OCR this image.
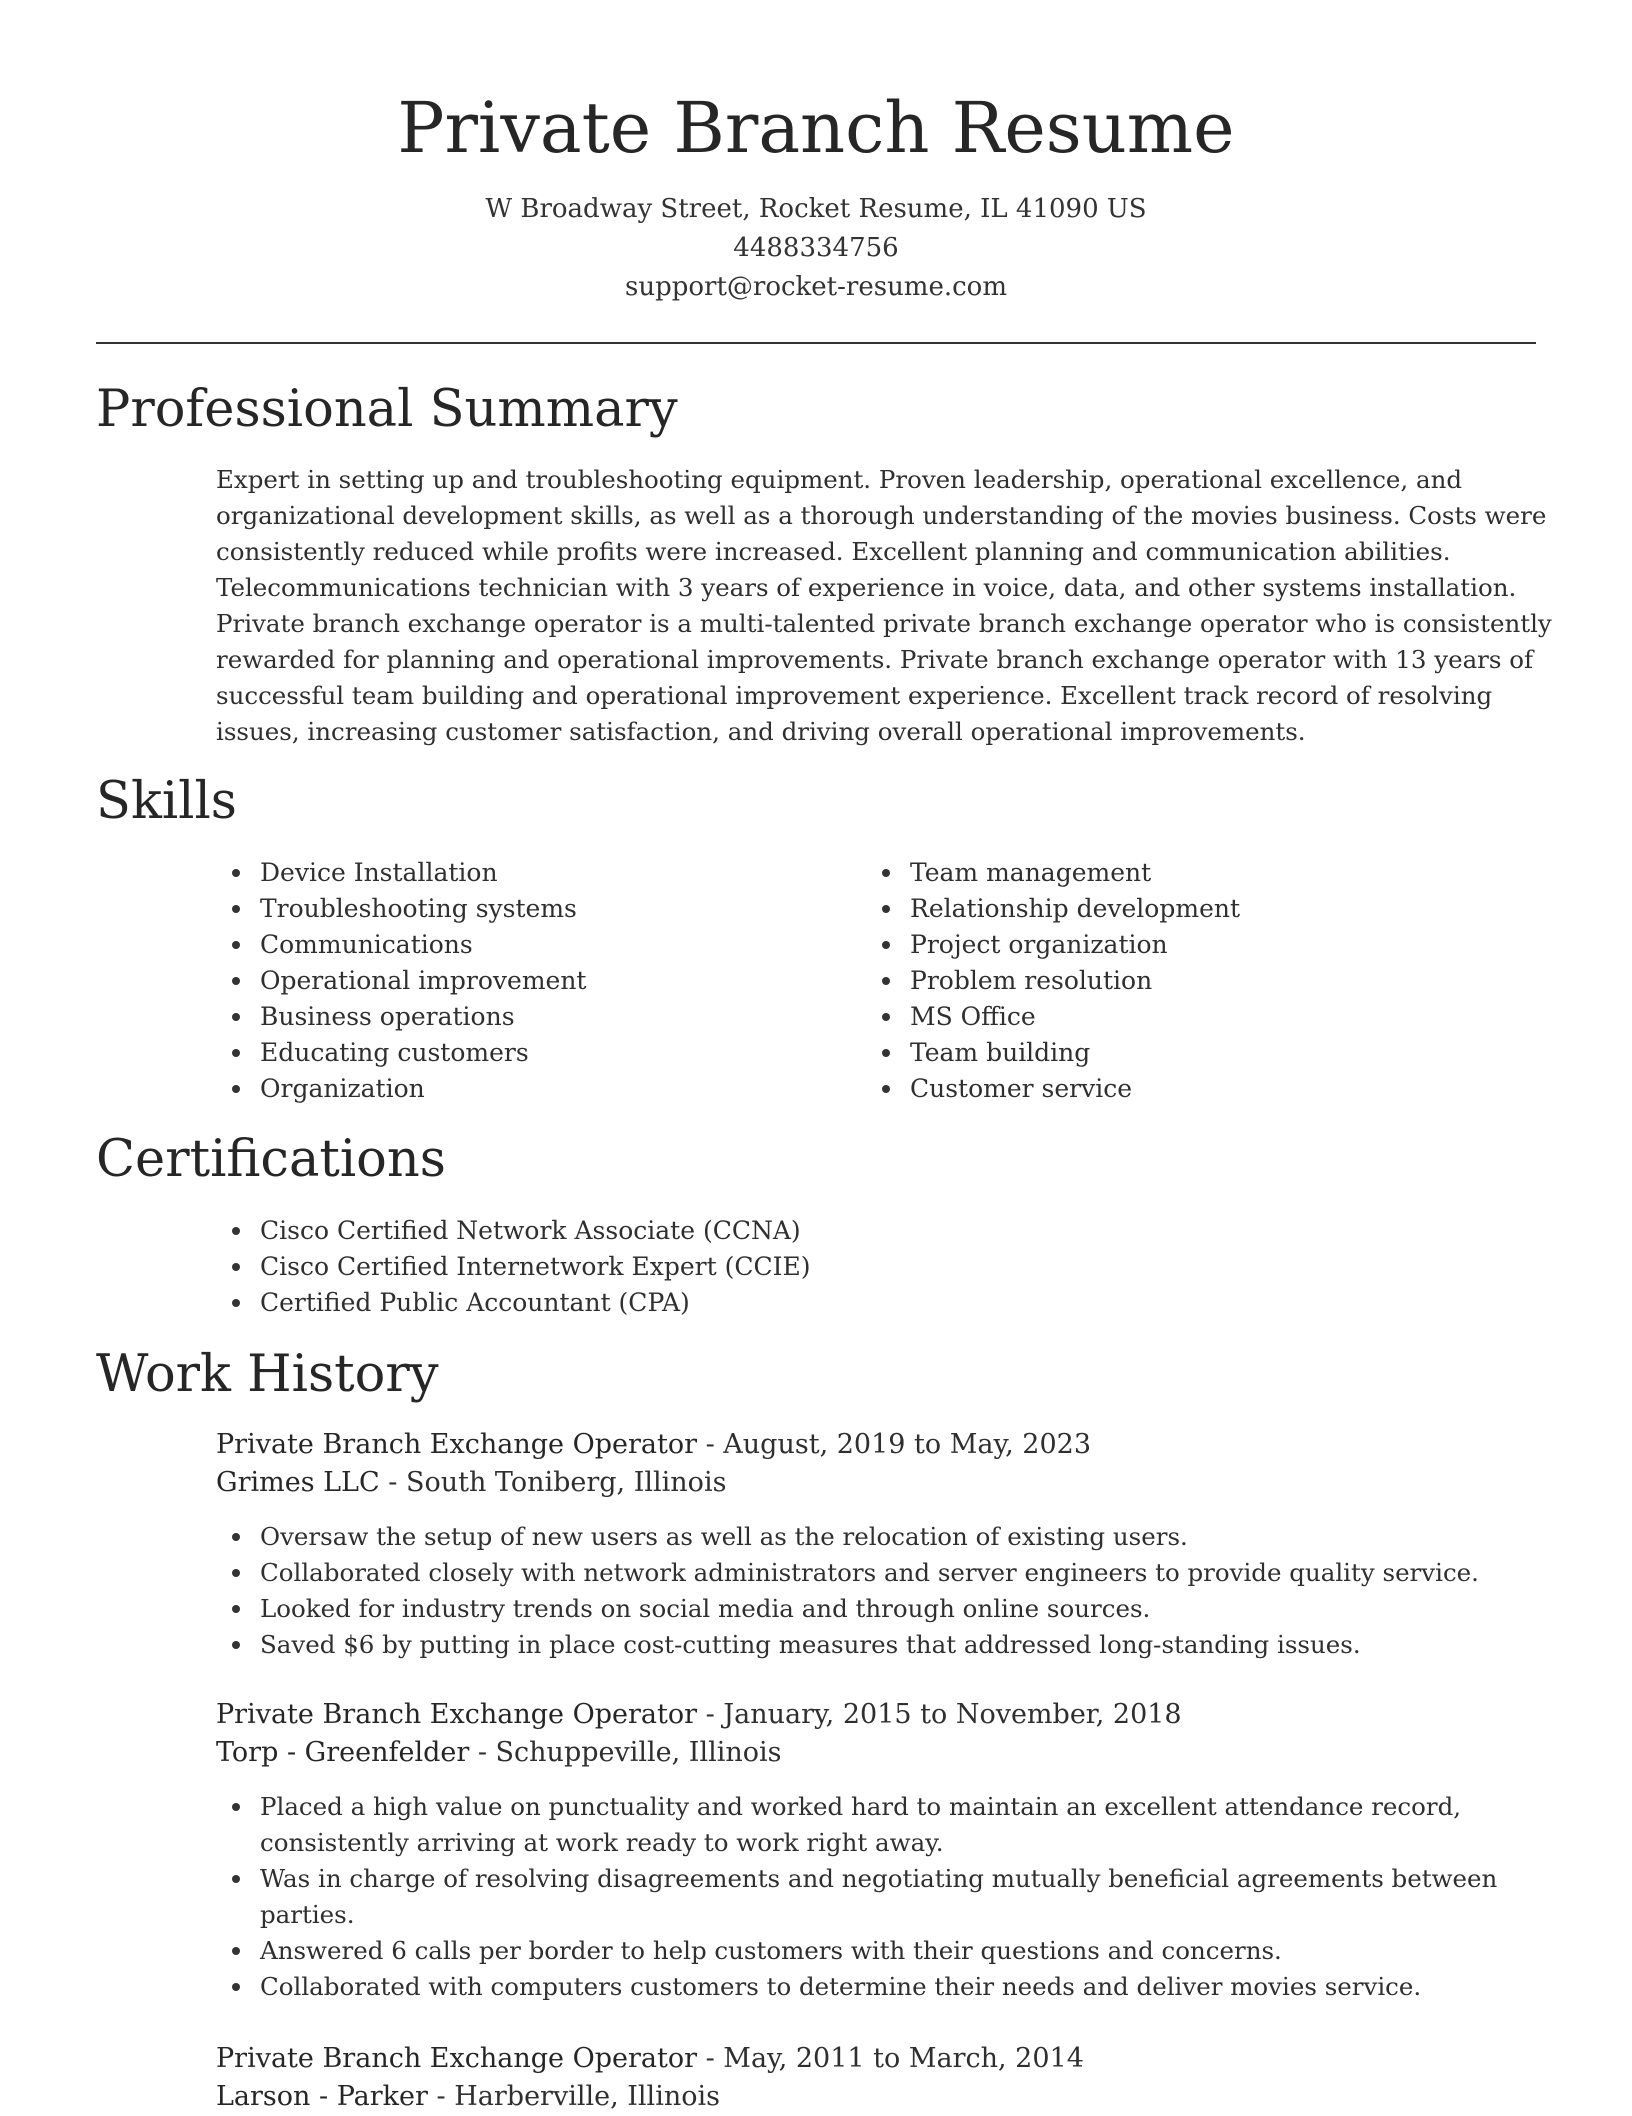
Private Branch Resume
W Broadway Street, Rocket Resume, IL 41090 US
4488334756
support@rocket-resume.com
Professional Summary

Expert in setting up and troubleshooting equipment. Proven leadership, operational excellence, and organizational development skills, as well as a thorough understanding of the movies business. Costs were consistently reduced while profits were increased. Excellent planning and communication abilities. Telecommunications technician with 3 years of experience in voice, data, and other systems installation. Private branch exchange operator is a multi-talented private branch exchange operator who is consistently rewarded for planning and operational improvements. Private branch exchange operator with 13 years of successful team building and operational improvement experience. Excellent track record of resolving issues, increasing customer satisfaction, and driving overall operational improvements.

Skills
Device Installation
Troubleshooting systems
Communications
Operational improvement
Business operations
Educating customers
Organization
Team management
Relationship development
Project organization
Problem resolution
MS Office
Team building
Customer service
Certifications
Cisco Certified Network Associate (CCNA)
Cisco Certified Internetwork Expert (CCIE)
Certified Public Accountant (CPA)
Work History
Private Branch Exchange Operator - August, 2019 to May, 2023
Grimes LLC - South Toniberg, Illinois
Oversaw the setup of new users as well as the relocation of existing users.
Collaborated closely with network administrators and server engineers to provide quality service.
Looked for industry trends on social media and through online sources.
Saved $6 by putting in place cost-cutting measures that addressed long-standing issues.
Private Branch Exchange Operator - January, 2015 to November, 2018
Torp - Greenfelder - Schuppeville, Illinois
Placed a high value on punctuality and worked hard to maintain an excellent attendance record, consistently arriving at work ready to work right away.
Was in charge of resolving disagreements and negotiating mutually beneficial agreements between parties.
Answered 6 calls per border to help customers with their questions and concerns.
Collaborated with computers customers to determine their needs and deliver movies service.
Private Branch Exchange Operator - May, 2011 to March, 2014
Larson - Parker - Harberville, Illinois
